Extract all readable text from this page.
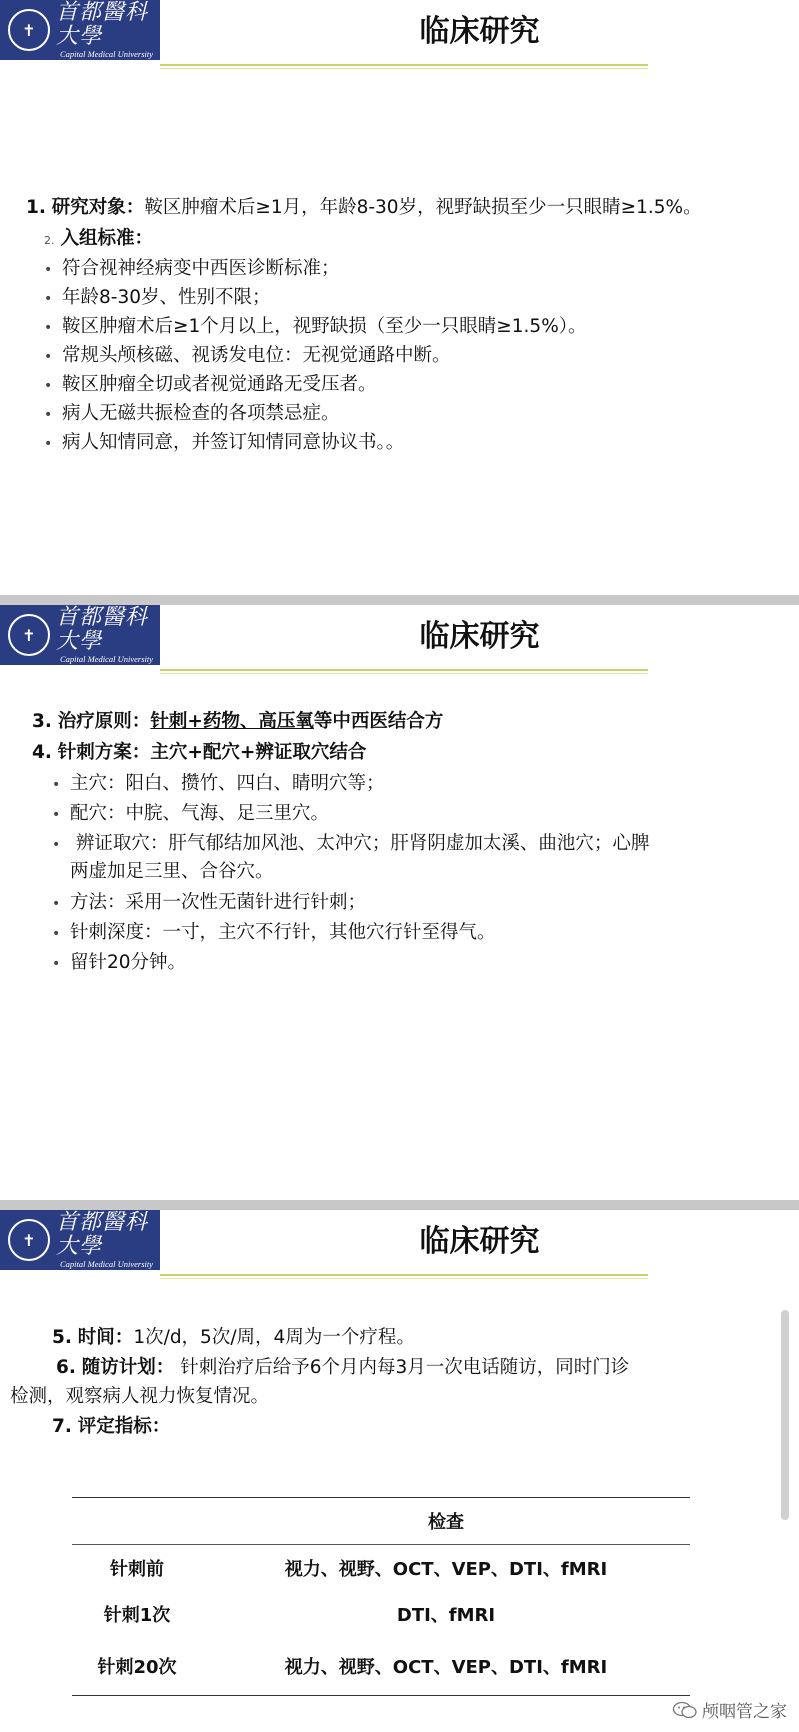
✝
首都醫科大學
Capital Medical University
临床研究
1. 研究对象：鞍区肿瘤术后≥1月，年龄8-30岁，视野缺损至少一只眼睛≥1.5%。
2. 入组标准：
• 符合视神经病变中西医诊断标准；
• 年龄8-30岁、性别不限；
• 鞍区肿瘤术后≥1个月以上，视野缺损（至少一只眼睛≥1.5%）。
• 常规头颅核磁、视诱发电位：无视觉通路中断。
• 鞍区肿瘤全切或者视觉通路无受压者。
• 病人无磁共振检查的各项禁忌症。
• 病人知情同意，并签订知情同意协议书。。
✝
首都醫科大學
Capital Medical University
临床研究
3. 治疗原则：针刺+药物、高压氧等中西医结合方
4. 针刺方案：主穴+配穴+辨证取穴结合
• 主穴：阳白、攒竹、四白、睛明穴等；
• 配穴：中脘、气海、足三里穴。
• 辨证取穴：肝气郁结加风池、太冲穴；肝肾阴虚加太溪、曲池穴；心脾
两虚加足三里、合谷穴。
• 方法：采用一次性无菌针进行针刺；
• 针刺深度：一寸，主穴不行针，其他穴行针至得气。
• 留针20分钟。
✝
首都醫科大學
Capital Medical University
临床研究
5. 时间：1次/d，5次/周，4周为一个疗程。
6. 随访计划： 针刺治疗后给予6个月内每3月一次电话随访，同时门诊
检测，观察病人视力恢复情况。
7. 评定指标：
	检查
针刺前	视力、视野、OCT、VEP、DTI、fMRI
针刺1次	DTI、fMRI
针刺20次	视力、视野、OCT、VEP、DTI、fMRI
颅咽管之家
